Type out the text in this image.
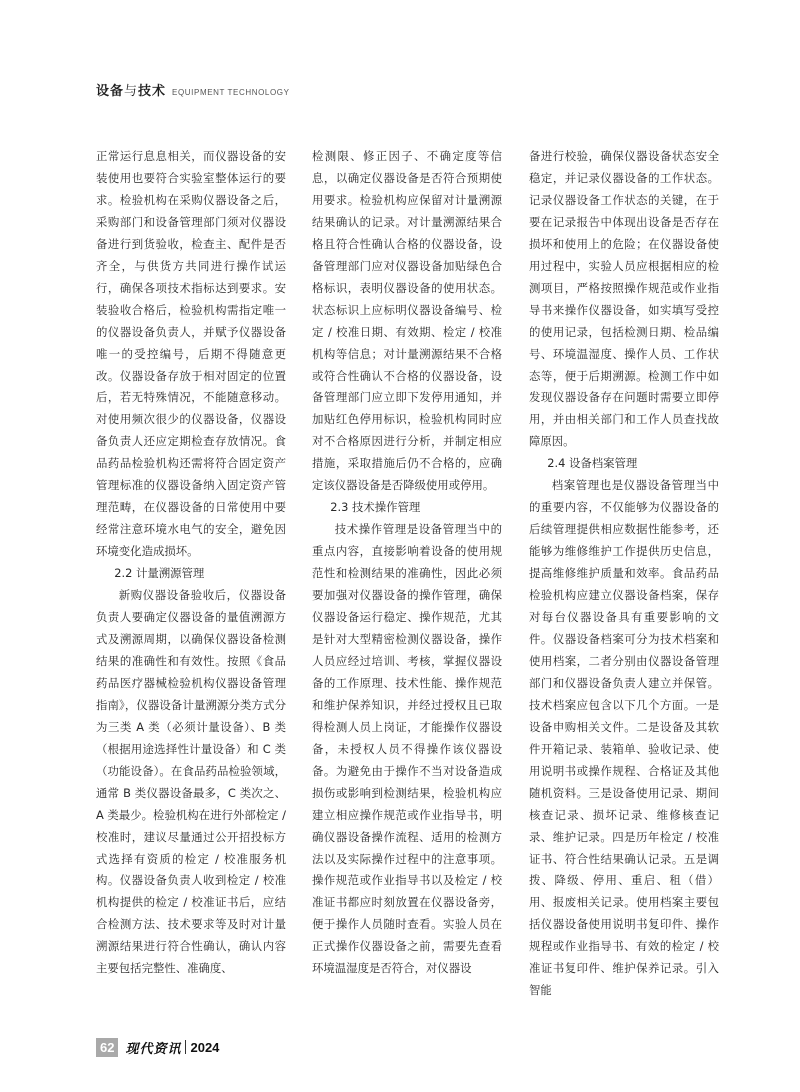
设备与技术 EQUIPMENT TECHNOLOGY

正常运行息息相关，而仪器设备的安装使用也要符合实验室整体运行的要求。检验机构在采购仪器设备之后，采购部门和设备管理部门须对仪器设备进行到货验收，检查主、配件是否齐全，与供货方共同进行操作试运行，确保各项技术指标达到要求。安装验收合格后，检验机构需指定唯一的仪器设备负责人，并赋予仪器设备唯一的受控编号，后期不得随意更改。仪器设备存放于相对固定的位置后，若无特殊情况，不能随意移动。对使用频次很少的仪器设备，仪器设备负责人还应定期检查存放情况。食品药品检验机构还需将符合固定资产管理标准的仪器设备纳入固定资产管理范畴，在仪器设备的日常使用中要经常注意环境水电气的安全，避免因环境变化造成损坏。

2.2 计量溯源管理

新购仪器设备验收后，仪器设备负责人要确定仪器设备的量值溯源方式及溯源周期，以确保仪器设备检测结果的准确性和有效性。按照《食品药品医疗器械检验机构仪器设备管理指南》，仪器设备计量溯源分类方式分为三类 A 类（必须计量设备）、B 类（根据用途选择性计量设备）和 C 类（功能设备）。在食品药品检验领域，通常 B 类仪器设备最多，C 类次之、A 类最少。检验机构在进行外部检定 / 校准时，建议尽量通过公开招投标方式选择有资质的检定 / 校准服务机构。仪器设备负责人收到检定 / 校准机构提供的检定 / 校准证书后，应结合检测方法、技术要求等及时对计量溯源结果进行符合性确认，确认内容主要包括完整性、准确度、

检测限、修正因子、不确定度等信息，以确定仪器设备是否符合预期使用要求。检验机构应保留对计量溯源结果确认的记录。对计量溯源结果合格且符合性确认合格的仪器设备，设备管理部门应对仪器设备加贴绿色合格标识，表明仪器设备的使用状态。状态标识上应标明仪器设备编号、检定 / 校准日期、有效期、检定 / 校准机构等信息；对计量溯源结果不合格或符合性确认不合格的仪器设备，设备管理部门应立即下发停用通知，并加贴红色停用标识，检验机构同时应对不合格原因进行分析，并制定相应措施，采取措施后仍不合格的，应确定该仪器设备是否降级使用或停用。

2.3 技术操作管理

技术操作管理是设备管理当中的重点内容，直接影响着设备的使用规范性和检测结果的准确性，因此必须要加强对仪器设备的操作管理，确保仪器设备运行稳定、操作规范，尤其是针对大型精密检测仪器设备，操作人员应经过培训、考核，掌握仪器设备的工作原理、技术性能、操作规范和维护保养知识，并经过授权且已取得检测人员上岗证，才能操作仪器设备，未授权人员不得操作该仪器设备。为避免由于操作不当对设备造成损伤或影响到检测结果，检验机构应建立相应操作规范或作业指导书，明确仪器设备操作流程、适用的检测方法以及实际操作过程中的注意事项。操作规范或作业指导书以及检定 / 校准证书都应时刻放置在仪器设备旁，便于操作人员随时查看。实验人员在正式操作仪器设备之前，需要先查看环境温湿度是否符合，对仪器设

备进行校验，确保仪器设备状态安全稳定，并记录仪器设备的工作状态。记录仪器设备工作状态的关键，在于要在记录报告中体现出设备是否存在损坏和使用上的危险；在仪器设备使用过程中，实验人员应根据相应的检测项目，严格按照操作规范或作业指导书来操作仪器设备，如实填写受控的使用记录，包括检测日期、检品编号、环境温湿度、操作人员、工作状态等，便于后期溯源。检测工作中如发现仪器设备存在问题时需要立即停用，并由相关部门和工作人员查找故障原因。

2.4 设备档案管理

档案管理也是仪器设备管理当中的重要内容，不仅能够为仪器设备的后续管理提供相应数据性能参考，还能够为维修维护工作提供历史信息，提高维修维护质量和效率。食品药品检验机构应建立仪器设备档案，保存对每台仪器设备具有重要影响的文件。仪器设备档案可分为技术档案和使用档案，二者分别由仪器设备管理部门和仪器设备负责人建立并保管。技术档案应包含以下几个方面。一是设备申购相关文件。二是设备及其软件开箱记录、装箱单、验收记录、使用说明书或操作规程、合格证及其他随机资料。三是设备使用记录、期间核查记录、损坏记录、维修核查记录、维护记录。四是历年检定 / 校准证书、符合性结果确认记录。五是调拨、降级、停用、重启、租（借）用、报废相关记录。使用档案主要包括仪器设备使用说明书复印件、操作规程或作业指导书、有效的检定 / 校准证书复印件、维护保养记录。引入智能

62 现代资讯 2024
